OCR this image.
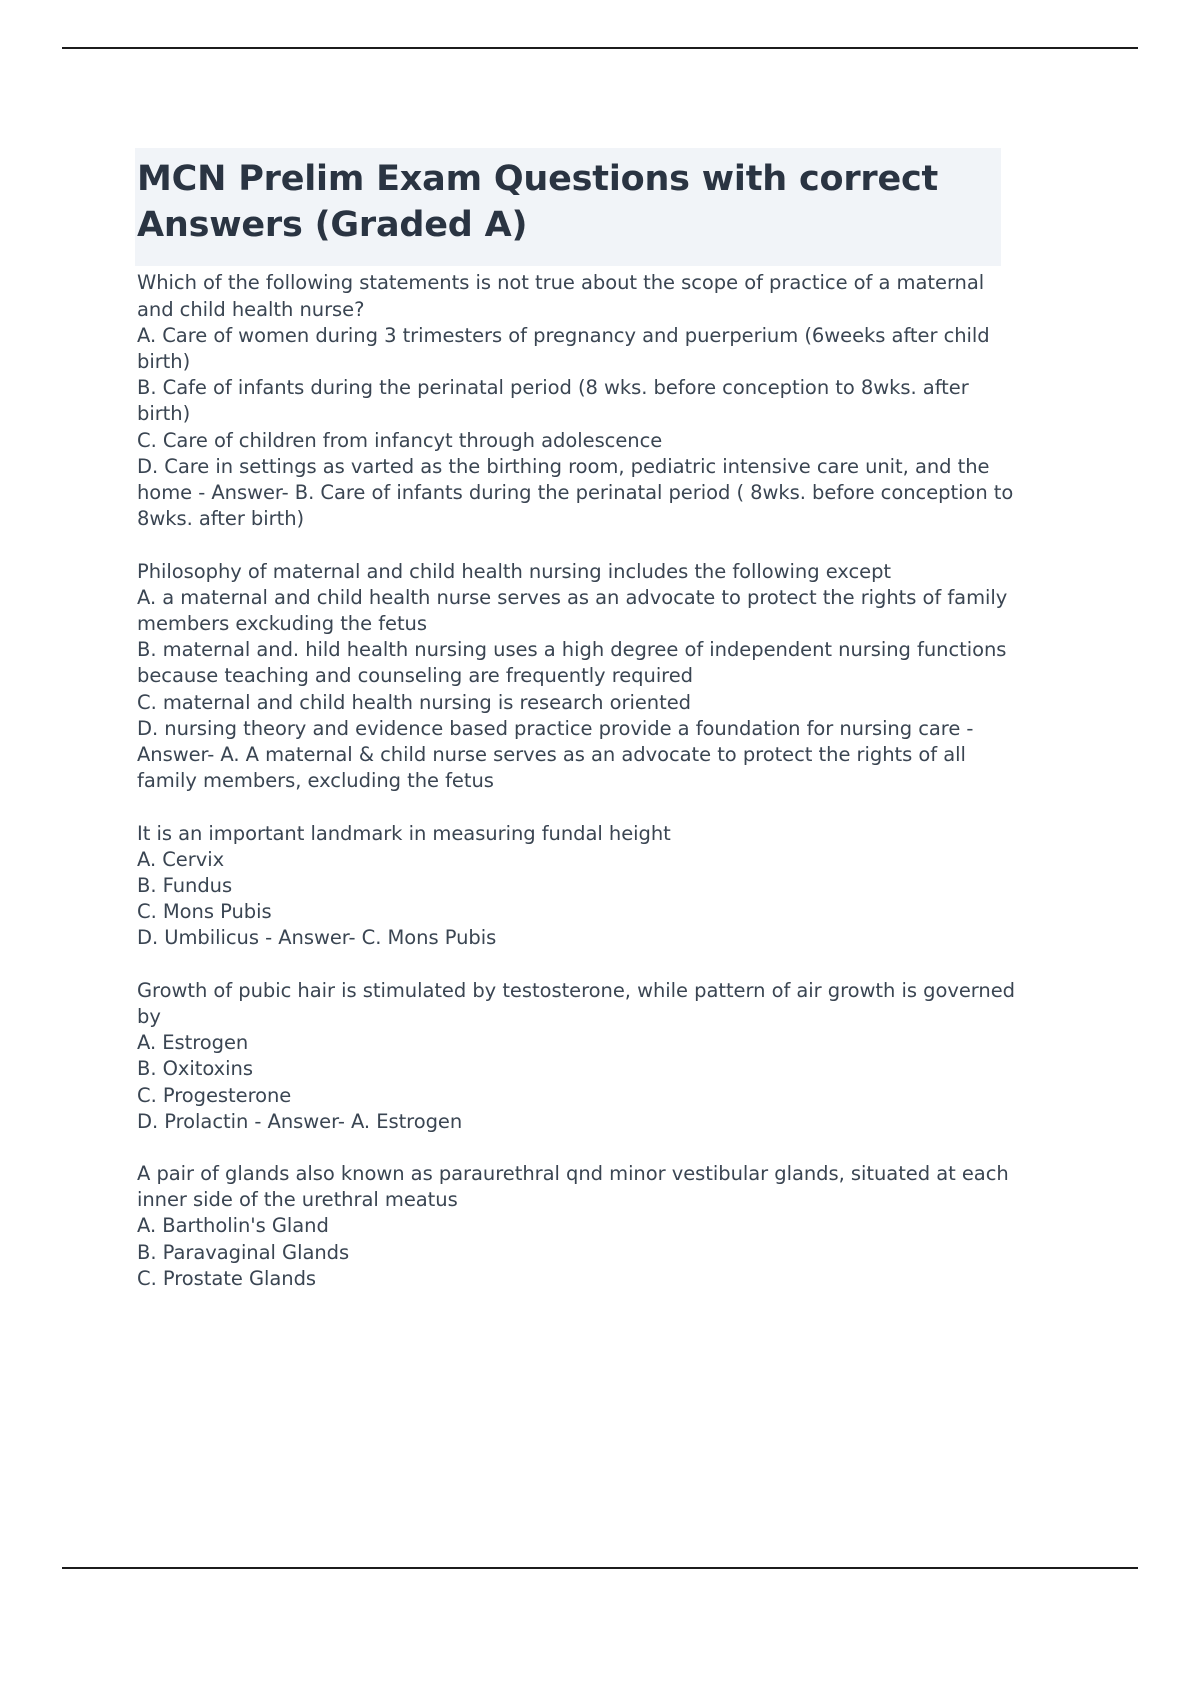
MCN Prelim Exam Questions with correct Answers (Graded A)

Which of the following statements is not true about the scope of practice of a maternal and child health nurse?

A. Care of women during 3 trimesters of pregnancy and puerperium (6weeks after child birth)

B. Cafe of infants during the perinatal period (8 wks. before conception to 8wks. after birth)

C. Care of children from infancyt through adolescence

D. Care in settings as varted as the birthing room, pediatric intensive care unit, and the home - Answer- B. Care of infants during the perinatal period ( 8wks. before conception to 8wks. after birth)

Philosophy of maternal and child health nursing includes the following except

A. a maternal and child health nurse serves as an advocate to protect the rights of family members exckuding the fetus

B. maternal and. hild health nursing uses a high degree of independent nursing functions because teaching and counseling are frequently required

C. maternal and child health nursing is research oriented

D. nursing theory and evidence based practice provide a foundation for nursing care - Answer- A. A maternal & child nurse serves as an advocate to protect the rights of all family members, excluding the fetus

It is an important landmark in measuring fundal height

A. Cervix

B. Fundus

C. Mons Pubis

D. Umbilicus - Answer- C. Mons Pubis

Growth of pubic hair is stimulated by testosterone, while pattern of air growth is governed by

A. Estrogen

B. Oxitoxins

C. Progesterone

D. Prolactin - Answer- A. Estrogen

A pair of glands also known as paraurethral qnd minor vestibular glands, situated at each inner side of the urethral meatus

A. Bartholin's Gland

B. Paravaginal Glands

C. Prostate Glands
